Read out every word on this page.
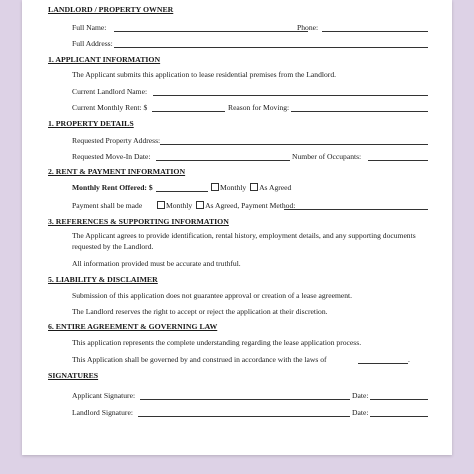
LANDLORD / PROPERTY OWNER
Full Name:	Phone:
Full Address:
1. APPLICANT INFORMATION
The Applicant submits this application to lease residential premises from the Landlord.
Current Landlord Name:
Current Monthly Rent: $	Reason for Moving:
1. PROPERTY DETAILS
Requested Property Address:
Requested Move-In Date:	Number of Occupants:
2. RENT & PAYMENT INFORMATION
Monthly Rent Offered: $	Monthly As Agreed
Payment shall be made	Monthly As Agreed, Payment Method:
3. REFERENCES & SUPPORTING INFORMATION
The Applicant agrees to provide identification, rental history, employment details, and any supporting documents requested by the Landlord.
All information provided must be accurate and truthful.
5. LIABILITY & DISCLAIMER
Submission of this application does not guarantee approval or creation of a lease agreement.
The Landlord reserves the right to accept or reject the application at their discretion.
6. ENTIRE AGREEMENT & GOVERNING LAW
This application represents the complete understanding regarding the lease application process.
This Application shall be governed by and construed in accordance with the laws of	.
SIGNATURES
Applicant Signature:	Date:
Landlord Signature:	Date:
